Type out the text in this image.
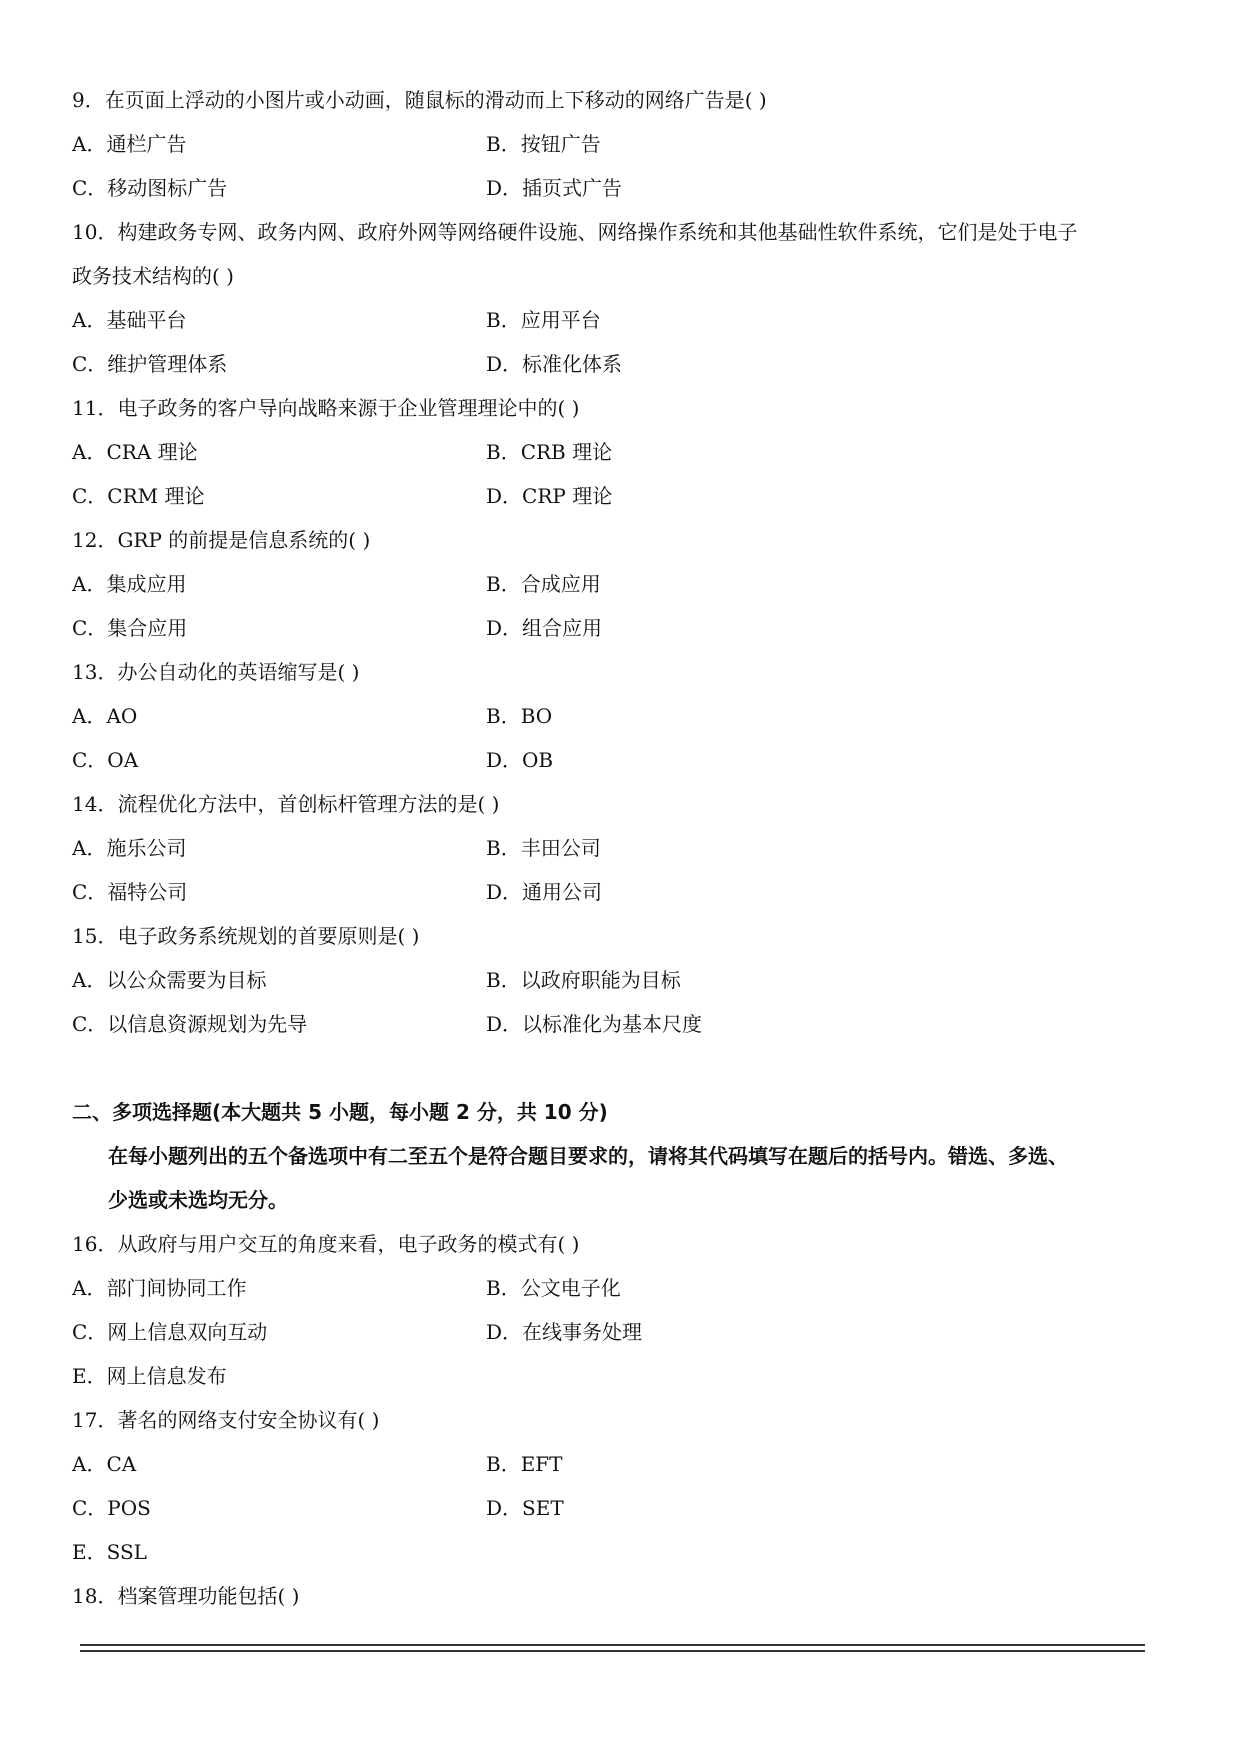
9．在页面上浮动的小图片或小动画，随鼠标的滑动而上下移动的网络广告是( )
A．通栏广告	B．按钮广告
C．移动图标广告	D．插页式广告
10．构建政务专网、政务内网、政府外网等网络硬件设施、网络操作系统和其他基础性软件系统，它们是处于电子
政务技术结构的( )
A．基础平台	B．应用平台
C．维护管理体系	D．标准化体系
11．电子政务的客户导向战略来源于企业管理理论中的( )
A．CRA 理论	B．CRB 理论
C．CRM 理论	D．CRP 理论
12．GRP 的前提是信息系统的( )
A．集成应用	B．合成应用
C．集合应用	D．组合应用
13．办公自动化的英语缩写是( )
A．AO	B．BO
C．OA	D．OB
14．流程优化方法中，首创标杆管理方法的是( )
A．施乐公司	B．丰田公司
C．福特公司	D．通用公司
15．电子政务系统规划的首要原则是( )
A．以公众需要为目标	B．以政府职能为目标
C．以信息资源规划为先导	D．以标准化为基本尺度
二、多项选择题(本大题共 5 小题，每小题 2 分，共 10 分)
在每小题列出的五个备选项中有二至五个是符合题目要求的，请将其代码填写在题后的括号内。错选、多选、
少选或未选均无分。
16．从政府与用户交互的角度来看，电子政务的模式有( )
A．部门间协同工作	B．公文电子化
C．网上信息双向互动	D．在线事务处理
E．网上信息发布
17．著名的网络支付安全协议有( )
A．CA	B．EFT
C．POS	D．SET
E．SSL
18．档案管理功能包括( )
